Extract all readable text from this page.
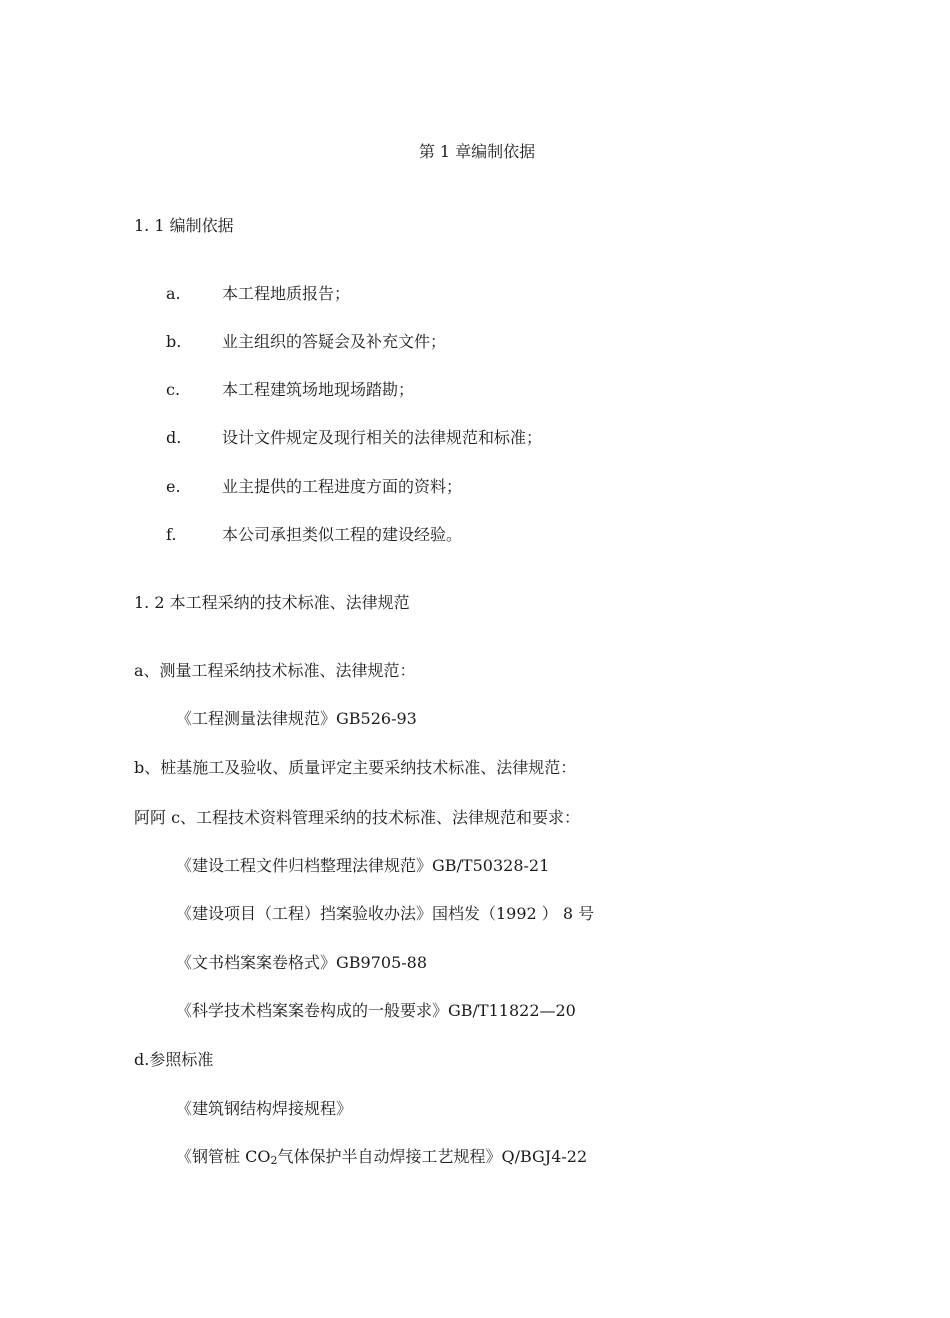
第 1 章编制依据
1. 1 编制依据
a.	本工程地质报告；
b.	业主组织的答疑会及补充文件；
c.	本工程建筑场地现场踏勘；
d.	设计文件规定及现行相关的法律规范和标准；
e.	业主提供的工程进度方面的资料；
f.	本公司承担类似工程的建设经验。
1. 2 本工程采纳的技术标准、法律规范
a、测量工程采纳技术标准、法律规范：
《工程测量法律规范》GB526-93
b、桩基施工及验收、质量评定主要采纳技术标准、法律规范：
阿阿 c、工程技术资料管理采纳的技术标准、法律规范和要求：
《建设工程文件归档整理法律规范》GB/T50328-21
《建设项目（工程）挡案验收办法》国档发（1992 ） 8 号
《文书档案案卷格式》GB9705-88
《科学技术档案案卷构成的一般要求》GB/T11822—20
d.参照标准
《建筑钢结构焊接规程》
《钢管桩 CO2气体保护半自动焊接工艺规程》Q/BGJ4-22
